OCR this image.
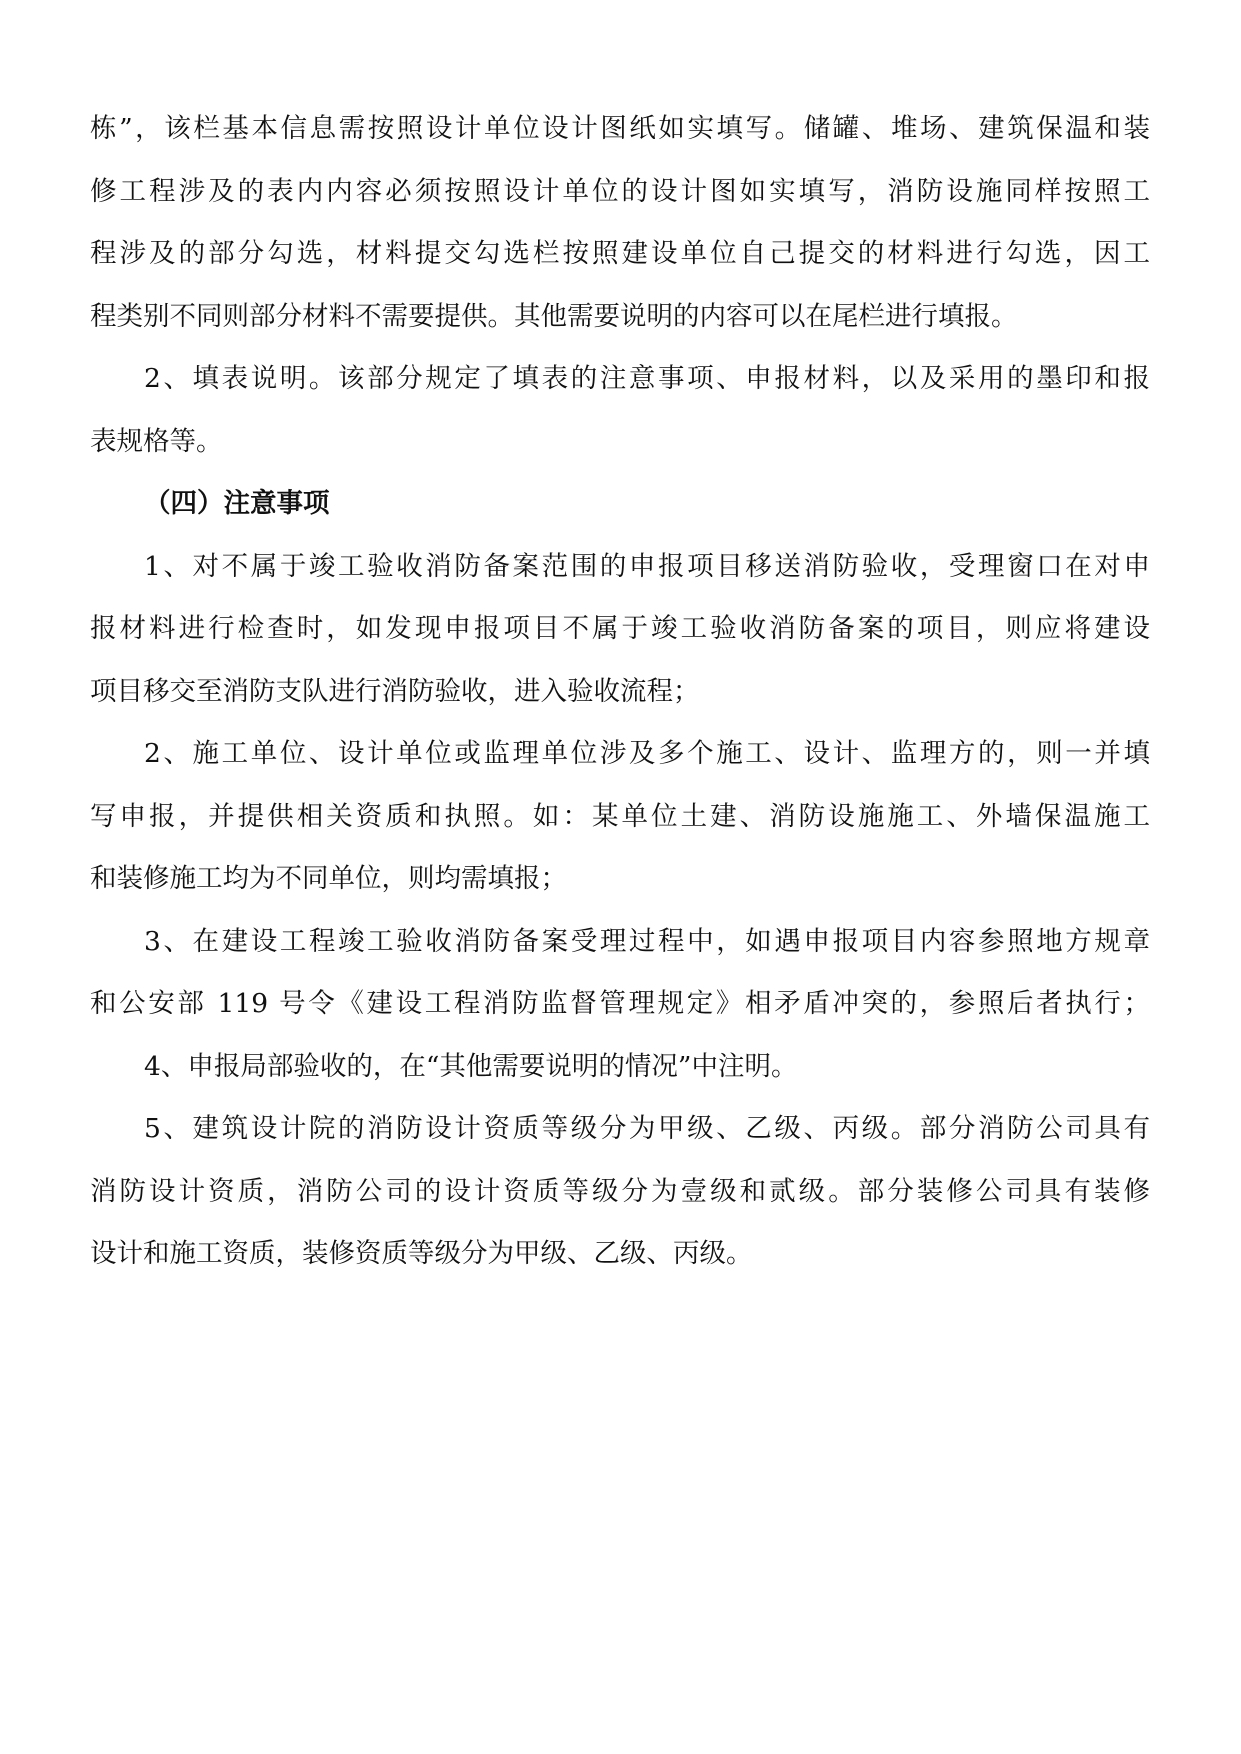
栋”，该栏基本信息需按照设计单位设计图纸如实填写。储罐、堆场、建筑保温和装
修工程涉及的表内内容必须按照设计单位的设计图如实填写，消防设施同样按照工
程涉及的部分勾选，材料提交勾选栏按照建设单位自己提交的材料进行勾选，因工
程类别不同则部分材料不需要提供。其他需要说明的内容可以在尾栏进行填报。
2、填表说明。该部分规定了填表的注意事项、申报材料，以及采用的墨印和报
表规格等。
（四）注意事项
1、对不属于竣工验收消防备案范围的申报项目移送消防验收，受理窗口在对申
报材料进行检查时，如发现申报项目不属于竣工验收消防备案的项目，则应将建设
项目移交至消防支队进行消防验收，进入验收流程；
2、施工单位、设计单位或监理单位涉及多个施工、设计、监理方的，则一并填
写申报，并提供相关资质和执照。如：某单位土建、消防设施施工、外墙保温施工
和装修施工均为不同单位，则均需填报；
3、在建设工程竣工验收消防备案受理过程中，如遇申报项目内容参照地方规章
和公安部 119 号令《建设工程消防监督管理规定》相矛盾冲突的，参照后者执行；
4、申报局部验收的，在“其他需要说明的情况”中注明。
5、建筑设计院的消防设计资质等级分为甲级、乙级、丙级。部分消防公司具有
消防设计资质，消防公司的设计资质等级分为壹级和贰级。部分装修公司具有装修
设计和施工资质，装修资质等级分为甲级、乙级、丙级。
